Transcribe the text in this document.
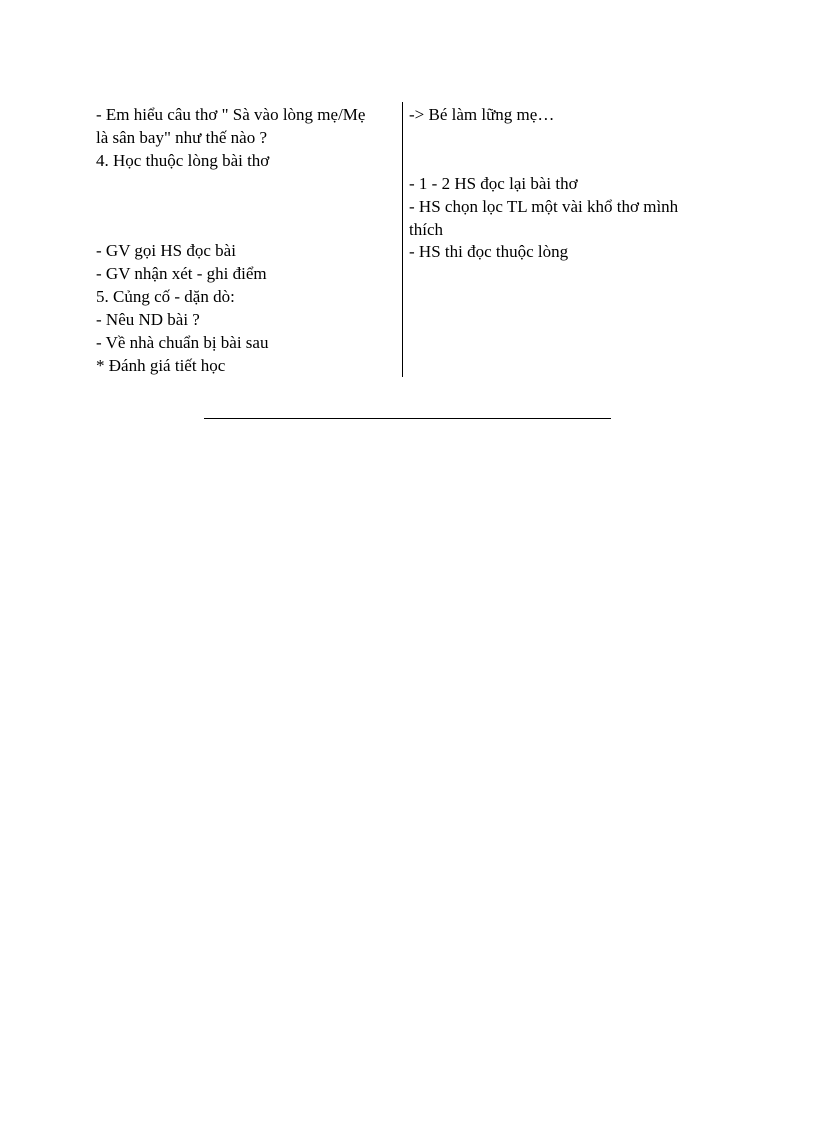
- Em hiểu câu thơ " Sà vào lòng mẹ/Mẹ
là sân bay" như thế nào ?
4. Học thuộc lòng bài thơ
- GV gọi HS đọc bài
- GV nhận xét - ghi điểm
5. Củng cố - dặn dò:
- Nêu ND bài ?
- Về nhà chuẩn bị bài sau
* Đánh giá tiết học
-> Bé làm lững mẹ…
- 1 - 2 HS đọc lại bài thơ
- HS chọn lọc TL một vài khổ thơ mình
thích
- HS thi đọc thuộc lòng
